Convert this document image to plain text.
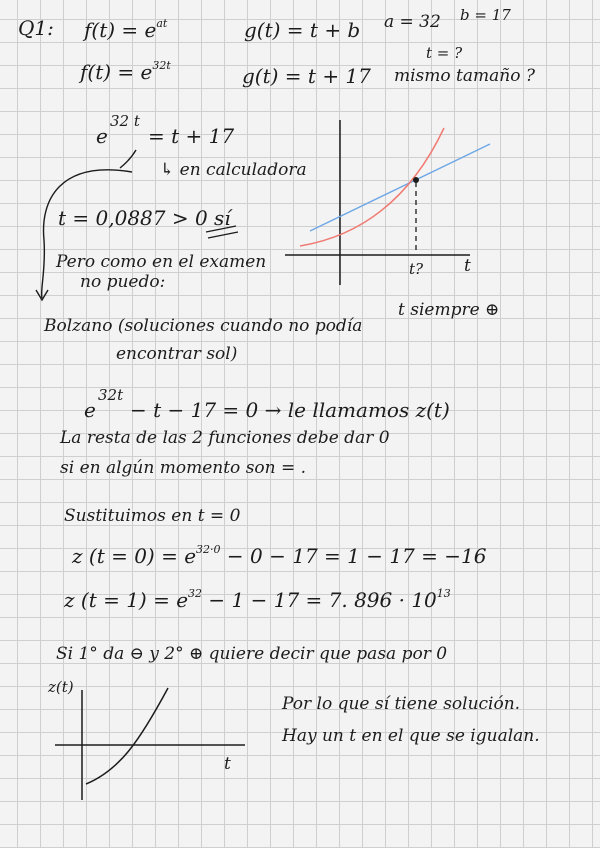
Q1: $f(t) = e^{at}$	g(t) = t + b a = 32 b = 17
$f(t) = e^{32t}$	g(t) = t + 17
t = ?
mismo tamaño ?
e
32 t
= t + 17
↳ en calculadora
t = 0,0887 > 0 sí
Pero como en el examen
no puedo:
t
t?
t siempre ⊕
Bolzano (soluciones cuando no podía
encontrar sol)
e
32t
− t − 17 = 0 → le llamamos z(t)
La resta de las 2 funciones debe dar 0
si en algún momento son = .
Sustituimos en t = 0
z $(t = 0) = e^{32\cdot 0} - 0 - 17 = 1 - 17 = -16$
z $(t = 1) = e^{32} - 1 - 17 = 7$. $896 \cdot 10^{13}$
Si 1° da ⊖ y 2° ⊕ quiere decir que pasa por 0
z(t)
t
Por lo que sí tiene solución.
Hay un t en el que se igualan.
